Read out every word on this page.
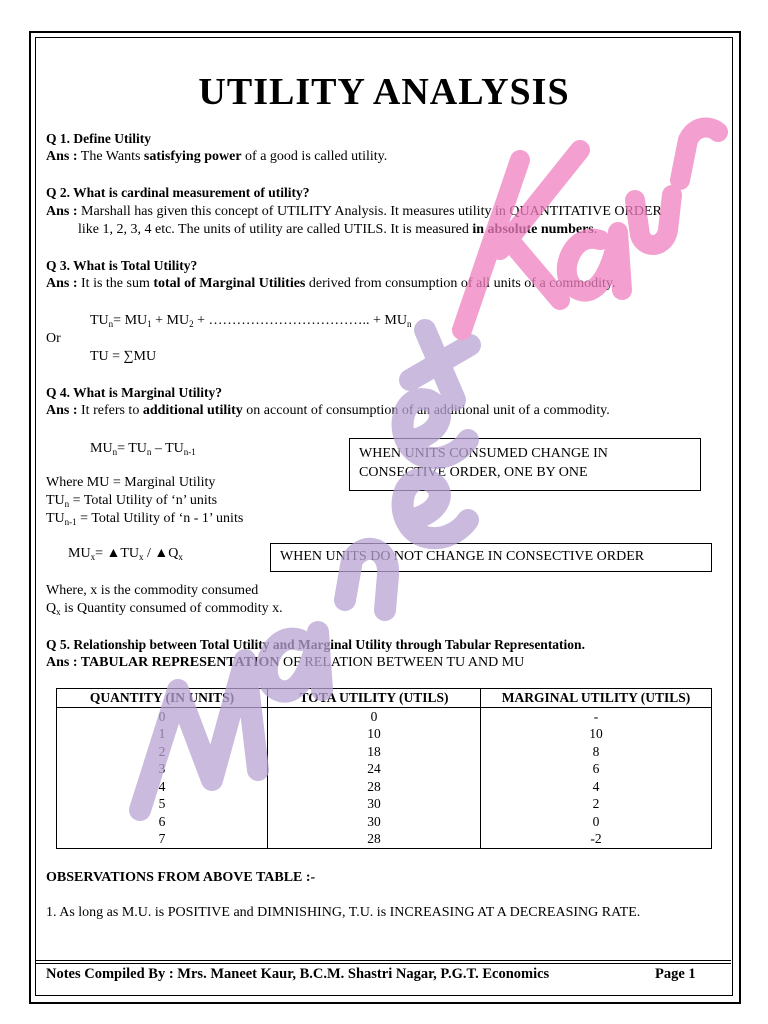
UTILITY ANALYSIS
Q 1. Define Utility
Ans : The Wants satisfying power of a good is called utility.
Q 2. What is cardinal measurement of utility?
Ans : Marshall has given this concept of UTILITY Analysis. It measures utility in QUANTITATIVE ORDER
like 1, 2, 3, 4 etc. The units of utility are called UTILS. It is measured in absolute numbers.
Q 3. What is Total Utility?
Ans : It is the sum total of Marginal Utilities derived from consumption of all units of a commodity.
$TU_n= MU_1 + MU_2$ + …………………………….. + $MU_n$
Or
TU = ∑MU
Q 4. What is Marginal Utility?
Ans : It refers to additional utility on account of consumption of an additional unit of a commodity.
$MU_n= TU_n - TU_{n-1}$	WHEN UNITS CONSUMED CHANGE IN
CONSECTIVE ORDER, ONE BY ONE
Where MU = Marginal Utility
$TU_n$ = Total Utility of ‘n’ units
$TU_{n-1}$ = Total Utility of ‘n - 1’ units
$MU_x=$ $▲TU_x$ / $▲Q_x$	WHEN UNITS DO NOT CHANGE IN CONSECTIVE ORDER
Where, x is the commodity consumed
$Q_x$ is Quantity consumed of commodity x.
Q 5. Relationship between Total Utility and Marginal Utility through Tabular Representation.
Ans : TABULAR REPRESENTATION OF RELATION BETWEEN TU AND MU
QUANTITY (IN UNITS)	TOTA UTILITY (UTILS)	MARGINAL UTILITY (UTILS)
0	0	-
1	10	10
2	18	8
3	24	6
4	28	4
5	30	2
6	30	0
7	28	-2
OBSERVATIONS FROM ABOVE TABLE :-
1. As long as M.U. is POSITIVE and DIMNISHING, T.U. is INCREASING AT A DECREASING RATE.
Notes Compiled By : Mrs. Maneet Kaur, B.C.M. Shastri Nagar, P.G.T. Economics	Page 1
